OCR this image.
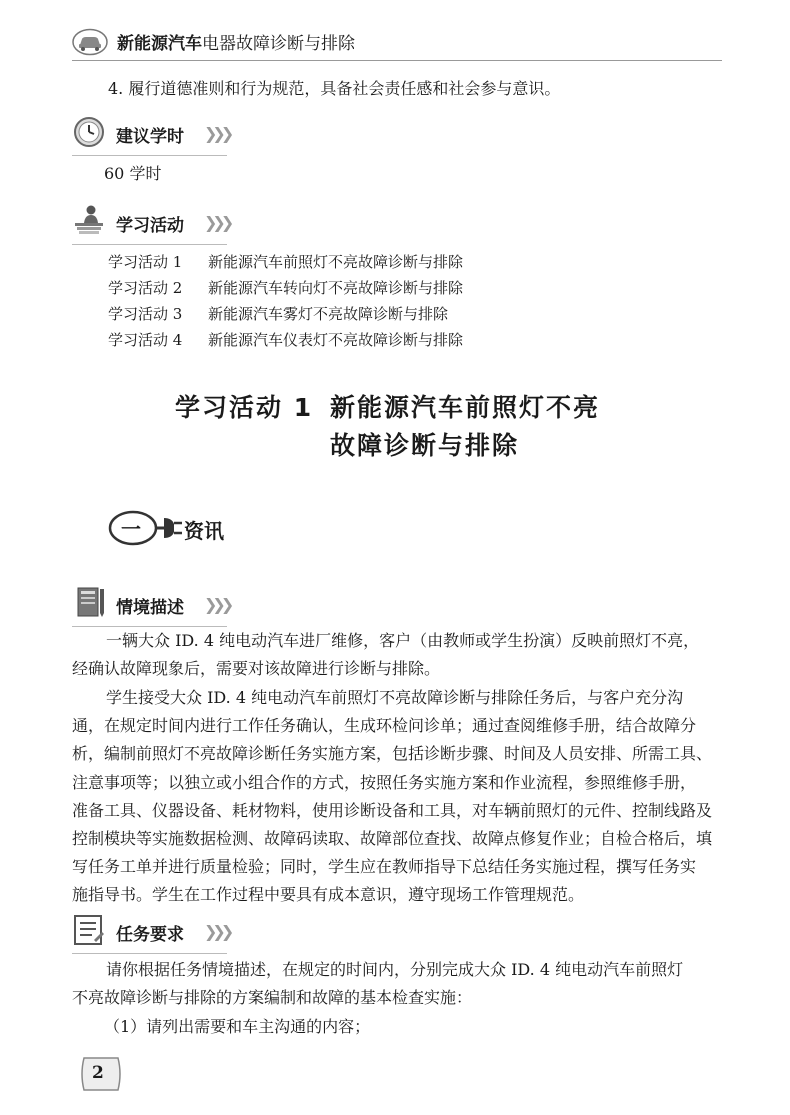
新能源汽车电器故障诊断与排除
4. 履行道德准则和行为规范，具备社会责任感和社会参与意识。
建议学时 ❯❯❯
60 学时
学习活动 ❯❯❯
学习活动 1 新能源汽车前照灯不亮故障诊断与排除
学习活动 2 新能源汽车转向灯不亮故障诊断与排除
学习活动 3 新能源汽车雾灯不亮故障诊断与排除
学习活动 4 新能源汽车仪表灯不亮故障诊断与排除
学习活动 1 新能源汽车前照灯不亮
故障诊断与排除
一 资讯
情境描述 ❯❯❯
一辆大众 ID. 4 纯电动汽车进厂维修，客户（由教师或学生扮演）反映前照灯不亮，
经确认故障现象后，需要对该故障进行诊断与排除。
学生接受大众 ID. 4 纯电动汽车前照灯不亮故障诊断与排除任务后，与客户充分沟
通，在规定时间内进行工作任务确认，生成环检问诊单；通过查阅维修手册，结合故障分
析，编制前照灯不亮故障诊断任务实施方案，包括诊断步骤、时间及人员安排、所需工具、
注意事项等；以独立或小组合作的方式，按照任务实施方案和作业流程，参照维修手册，
准备工具、仪器设备、耗材物料，使用诊断设备和工具，对车辆前照灯的元件、控制线路及
控制模块等实施数据检测、故障码读取、故障部位查找、故障点修复作业；自检合格后，填
写任务工单并进行质量检验；同时，学生应在教师指导下总结任务实施过程，撰写任务实
施指导书。学生在工作过程中要具有成本意识，遵守现场工作管理规范。
任务要求 ❯❯❯
请你根据任务情境描述，在规定的时间内，分别完成大众 ID. 4 纯电动汽车前照灯
不亮故障诊断与排除的方案编制和故障的基本检查实施：
（1）请列出需要和车主沟通的内容；
2
